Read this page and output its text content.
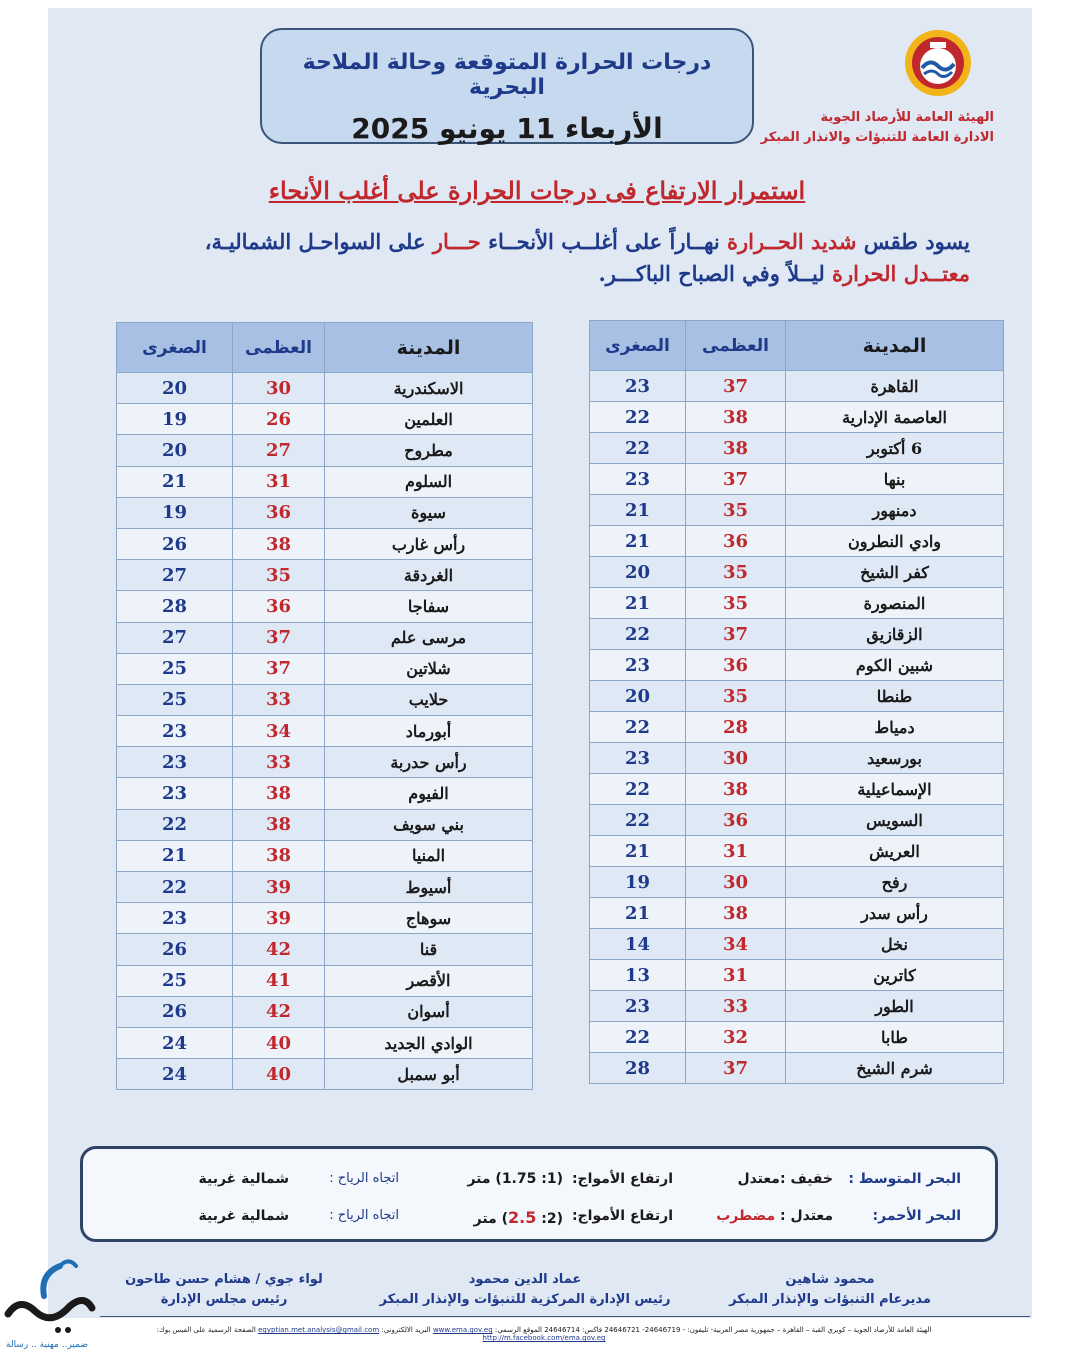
الهيئة العامة للأرصاد الجوية
الادارة العامة للتنبؤات والانذار المبكر
درجات الحرارة المتوقعة وحالة الملاحة البحرية
الأربعاء 11 يونيو 2025
استمرار الارتفاع فى درجات الحرارة على أغلب الأنحاء
يسود طقس شديد الحــرارة نهــاراً على أغلــب الأنحــاء حـــار على السواحـل الشماليـة،
معتــدل الحرارة ليــلاً وفي الصباح الباكـــر.
المدينة	العظمى	الصغرى
القاهرة	37	23
العاصمة الإدارية	38	22
6 أكتوبر	38	22
بنها	37	23
دمنهور	35	21
وادي النطرون	36	21
كفر الشيخ	35	20
المنصورة	35	21
الزقازيق	37	22
شبين الكوم	36	23
طنطا	35	20
دمياط	28	22
بورسعيد	30	23
الإسماعيلية	38	22
السويس	36	22
العريش	31	21
رفح	30	19
رأس سدر	38	21
نخل	34	14
كاترين	31	13
الطور	33	23
طابا	32	22
شرم الشيخ	37	28
المدينة	العظمى	الصغرى
الاسكندرية	30	20
العلمين	26	19
مطروح	27	20
السلوم	31	21
سيوة	36	19
رأس غارب	38	26
الغردقة	35	27
سفاجا	36	28
مرسى علم	37	27
شلاتين	37	25
حلايب	33	25
أبورماد	34	23
رأس حدربة	33	23
الفيوم	38	23
بني سويف	38	22
المنيا	38	21
أسيوط	39	22
سوهاج	39	23
قنا	42	26
الأقصر	41	25
أسوان	42	26
الوادي الجديد	40	24
أبو سمبل	40	24
البحر المتوسط :
خفيف :معتدل
ارتفاع الأمواج:
(1: 1.75) متر
اتجاه الرياح :
شمالية غربية
البحر الأحمر:
معتدل : مضطرب
ارتفاع الأمواج:
(2: 2.5) متر
اتجاه الرياح :
شمالية غربية
محمود شاهين
مديرعام التنبؤات والإنذار المبكر
عماد الدين محمود
رئيس الإدارة المركزية للتنبؤات والإنذار المبكر
لواء جوي / هشام حسن طاحون
رئيس مجلس الإدارة
الهيئة العامة للأرصاد الجوية – كوبري القبة – القاهرة – جمهورية مصر العربية- تليفون: - 24646719- 24646721 فاكس: 24646714 الموقع الرسمي: www.ema.gov.eg البريد الالكتروني: egyptian.met.analysis@gmail.com الصفحة الرسمية على الفيس بوك: http://m.facebook.com/ema.gov.eg
ضمير.. مهنية .. رسالة
